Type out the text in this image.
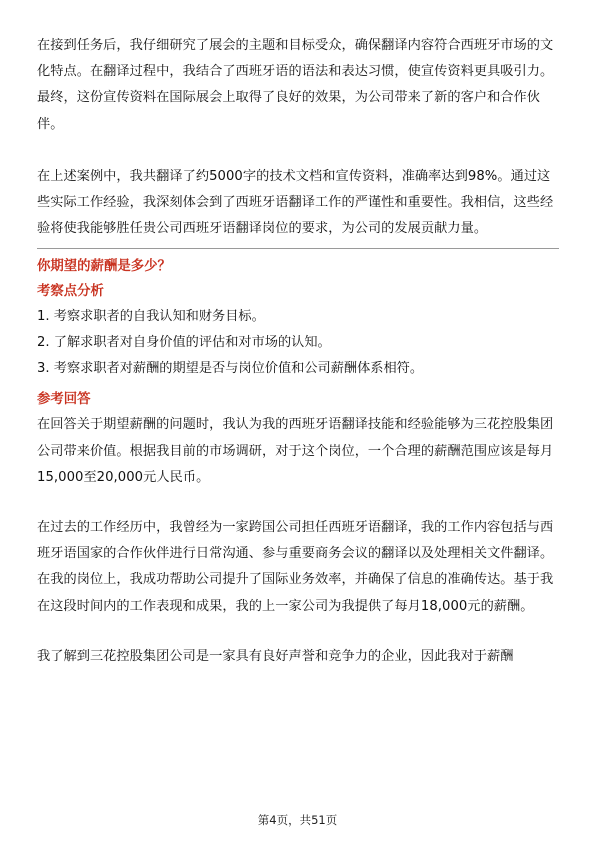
在接到任务后，我仔细研究了展会的主题和目标受众，确保翻译内容符合西班牙市场的文化特点。在翻译过程中，我结合了西班牙语的语法和表达习惯，使宣传资料更具吸引力。最终，这份宣传资料在国际展会上取得了良好的效果，为公司带来了新的客户和合作伙伴。

在上述案例中，我共翻译了约5000字的技术文档和宣传资料，准确率达到98%。通过这些实际工作经验，我深刻体会到了西班牙语翻译工作的严谨性和重要性。我相信，这些经验将使我能够胜任贵公司西班牙语翻译岗位的要求，为公司的发展贡献力量。

你期望的薪酬是多少？

考察点分析

1. 考察求职者的自我认知和财务目标。

2. 了解求职者对自身价值的评估和对市场的认知。

3. 考察求职者对薪酬的期望是否与岗位价值和公司薪酬体系相符。

参考回答

在回答关于期望薪酬的问题时，我认为我的西班牙语翻译技能和经验能够为三花控股集团公司带来价值。根据我目前的市场调研，对于这个岗位，一个合理的薪酬范围应该是每月15,000至20,000元人民币。

在过去的工作经历中，我曾经为一家跨国公司担任西班牙语翻译，我的工作内容包括与西班牙语国家的合作伙伴进行日常沟通、参与重要商务会议的翻译以及处理相关文件翻译。在我的岗位上，我成功帮助公司提升了国际业务效率，并确保了信息的准确传达。基于我在这段时间内的工作表现和成果，我的上一家公司为我提供了每月18,000元的薪酬。

我了解到三花控股集团公司是一家具有良好声誉和竞争力的企业，因此我对于薪酬

第4页，共51页
